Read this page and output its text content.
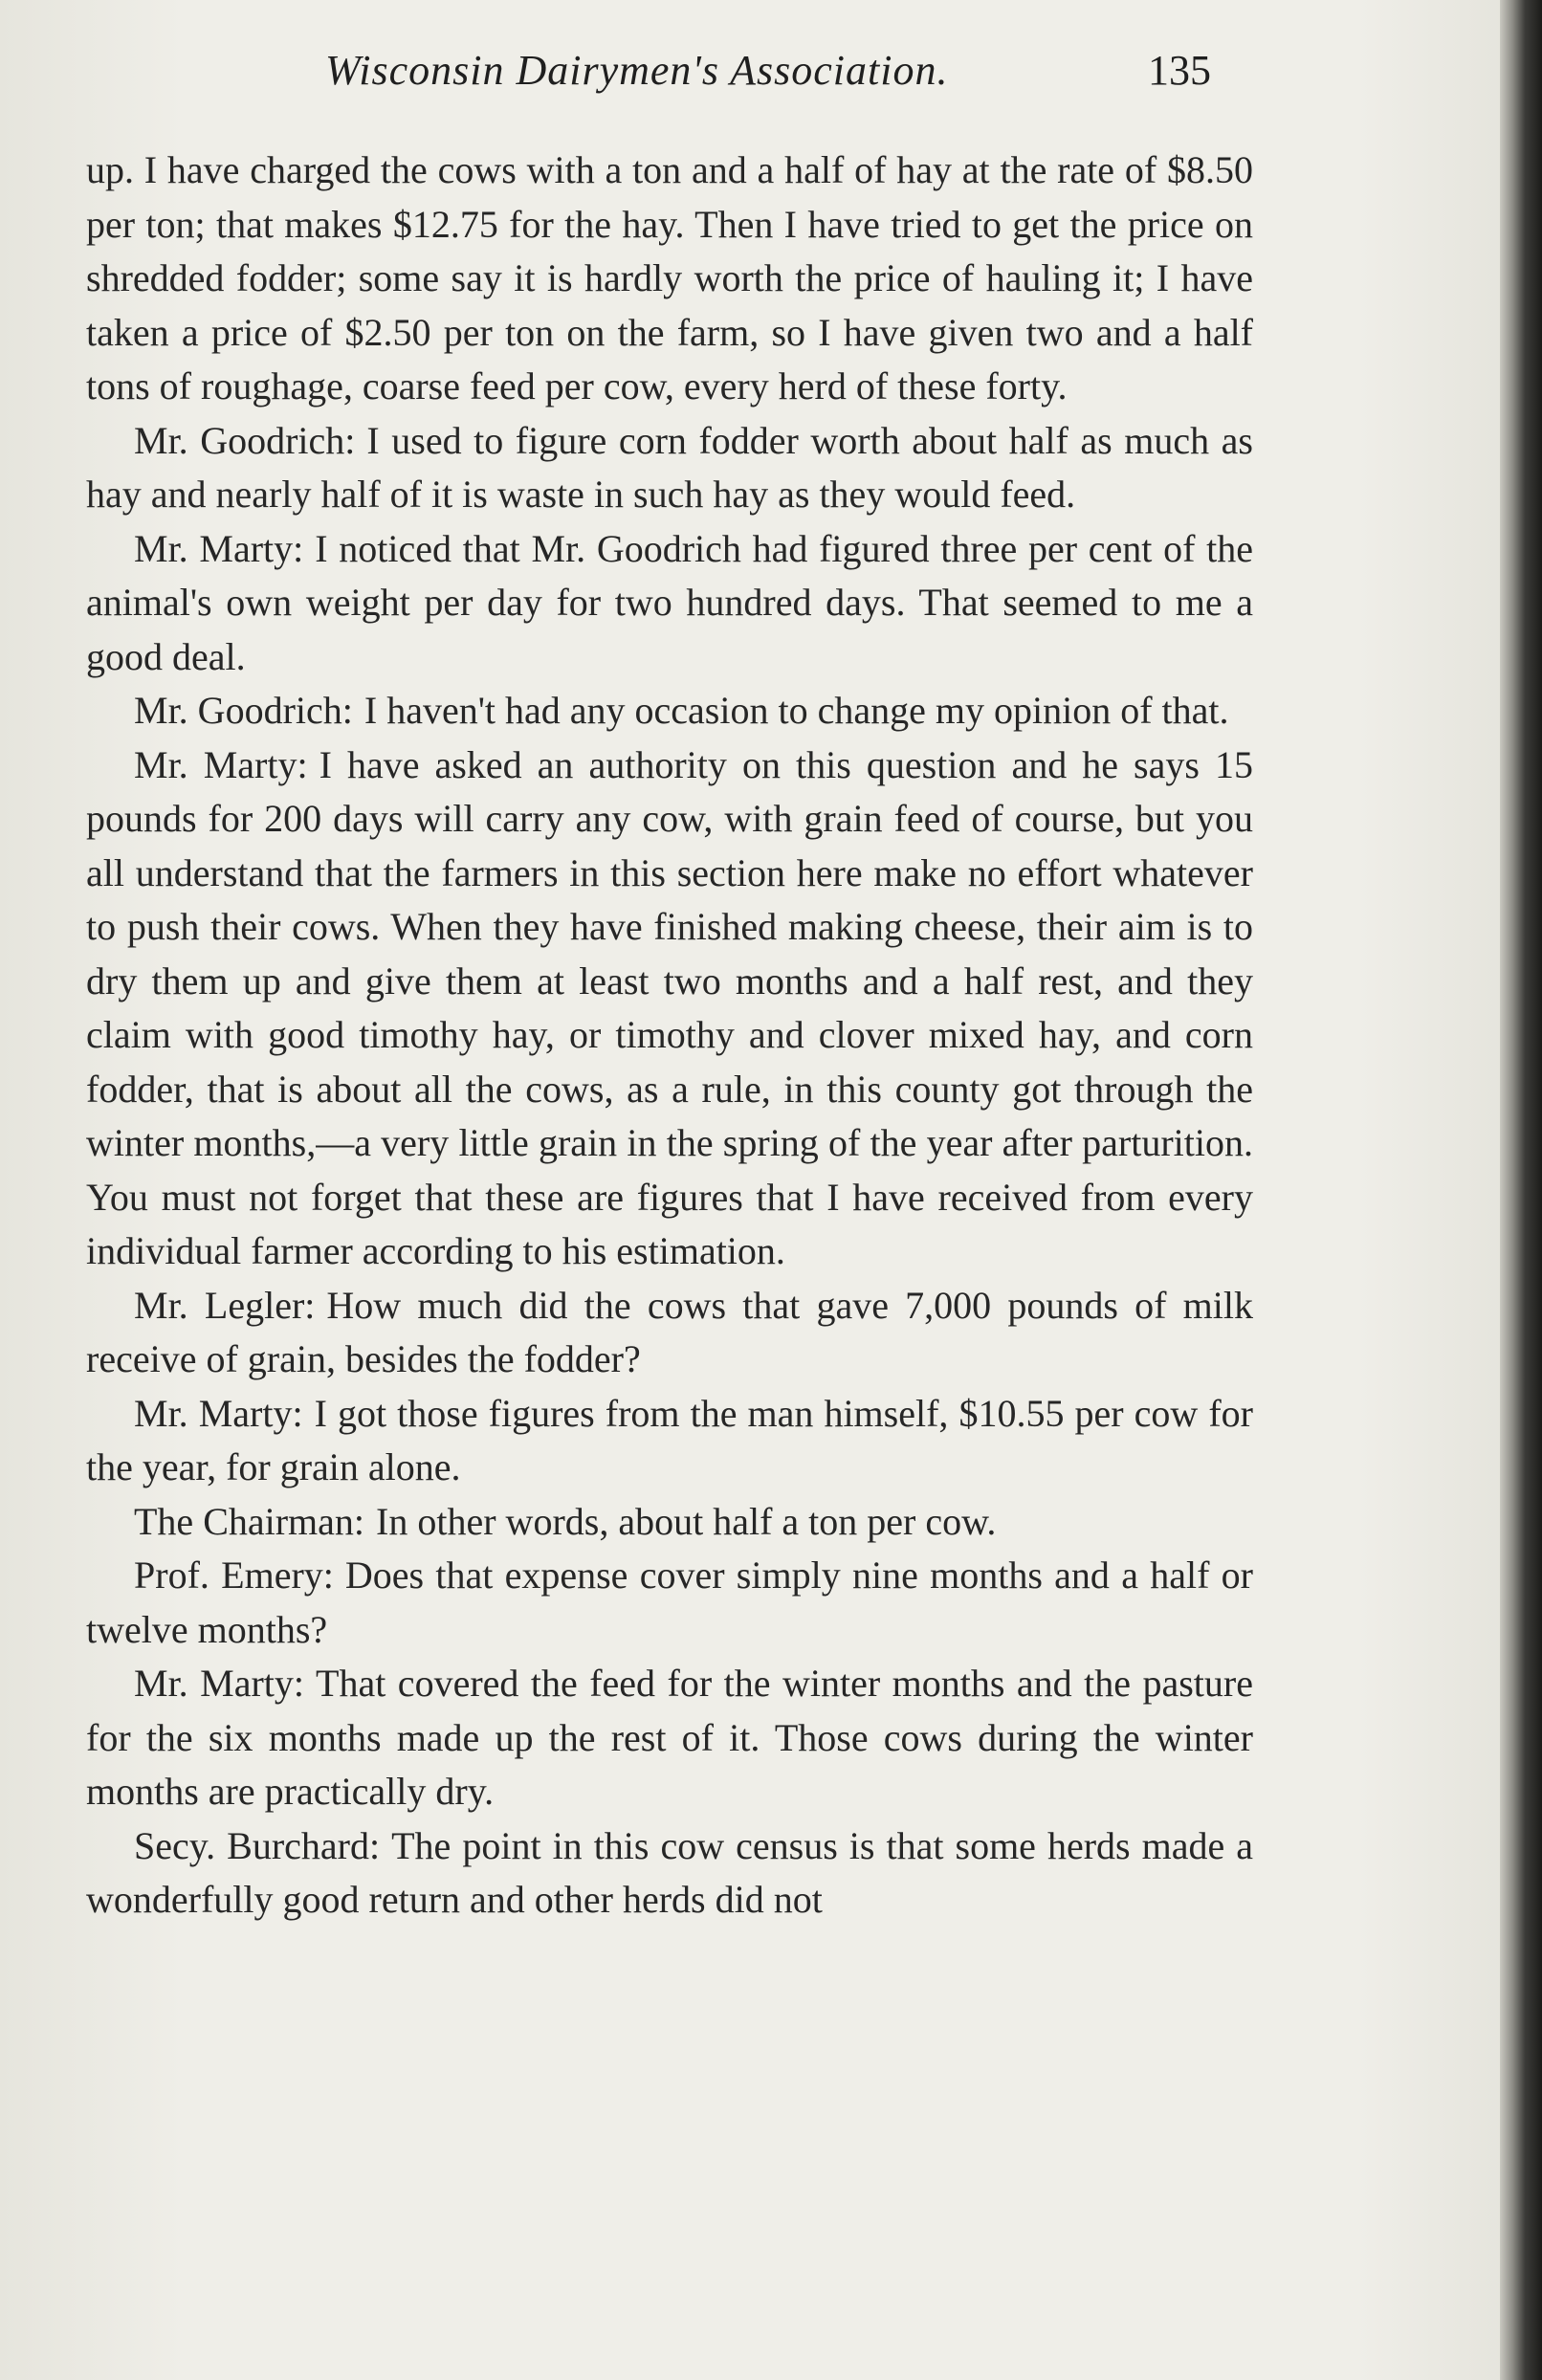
Wisconsin Dairymen's Association.	135

up. I have charged the cows with a ton and a half of hay at the rate of $8.50 per ton; that makes $12.75 for the hay. Then I have tried to get the price on shredded fodder; some say it is hardly worth the price of hauling it; I have taken a price of $2.50 per ton on the farm, so I have given two and a half tons of roughage, coarse feed per cow, every herd of these forty.

Mr. Goodrich: I used to figure corn fodder worth about half as much as hay and nearly half of it is waste in such hay as they would feed.

Mr. Marty: I noticed that Mr. Goodrich had figured three per cent of the animal's own weight per day for two hundred days. That seemed to me a good deal.

Mr. Goodrich: I haven't had any occasion to change my opinion of that.

Mr. Marty: I have asked an authority on this question and he says 15 pounds for 200 days will carry any cow, with grain feed of course, but you all understand that the farmers in this section here make no effort whatever to push their cows. When they have finished making cheese, their aim is to dry them up and give them at least two months and a half rest, and they claim with good timothy hay, or timothy and clover mixed hay, and corn fodder, that is about all the cows, as a rule, in this county got through the winter months,—a very little grain in the spring of the year after parturition. You must not forget that these are figures that I have received from every individual farmer according to his estimation.

Mr. Legler: How much did the cows that gave 7,000 pounds of milk receive of grain, besides the fodder?

Mr. Marty: I got those figures from the man himself, $10.55 per cow for the year, for grain alone.

The Chairman: In other words, about half a ton per cow.

Prof. Emery: Does that expense cover simply nine months and a half or twelve months?

Mr. Marty: That covered the feed for the winter months and the pasture for the six months made up the rest of it. Those cows during the winter months are practically dry.

Secy. Burchard: The point in this cow census is that some herds made a wonderfully good return and other herds did not
